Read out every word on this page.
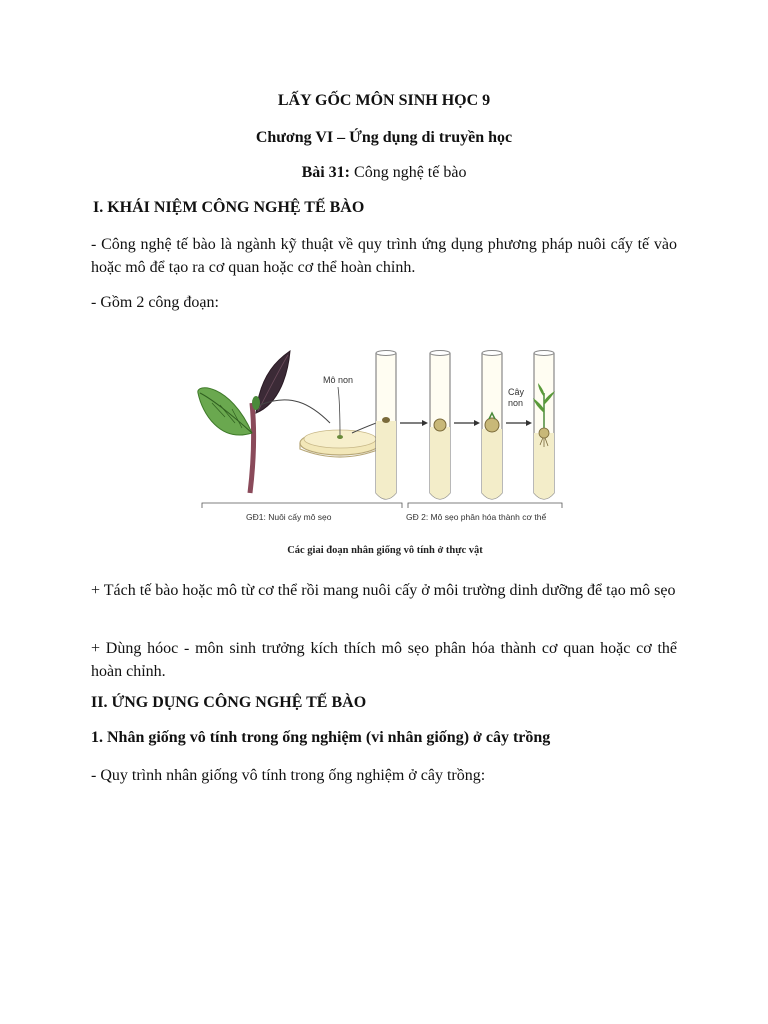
LẤY GỐC MÔN SINH HỌC 9
Chương VI – Ứng dụng di truyền học
Bài 31: Công nghệ tế bào
I. KHÁI NIỆM CÔNG NGHỆ TẾ BÀO
- Công nghệ tế bào là ngành kỹ thuật về quy trình ứng dụng phương pháp nuôi cấy tế vào hoặc mô để tạo ra cơ quan hoặc cơ thể hoàn chỉnh.
- Gồm 2 công đoạn:
Mô non
Cây
non
GĐ1: Nuôi cấy mô sẹo	GĐ 2: Mô sẹo phân hóa thành cơ thể
Các giai đoạn nhân giống vô tính ở thực vật
+ Tách tế bào hoặc mô từ cơ thể rồi mang nuôi cấy ở môi trường dinh dưỡng để tạo mô sẹo
+ Dùng hóoc - môn sinh trưởng kích thích mô sẹo phân hóa thành cơ quan hoặc cơ thể hoàn chỉnh.
II. ỨNG DỤNG CÔNG NGHỆ TẾ BÀO
1. Nhân giống vô tính trong ống nghiệm (vi nhân giống) ở cây trồng
- Quy trình nhân giống vô tính trong ống nghiệm ở cây trồng:
